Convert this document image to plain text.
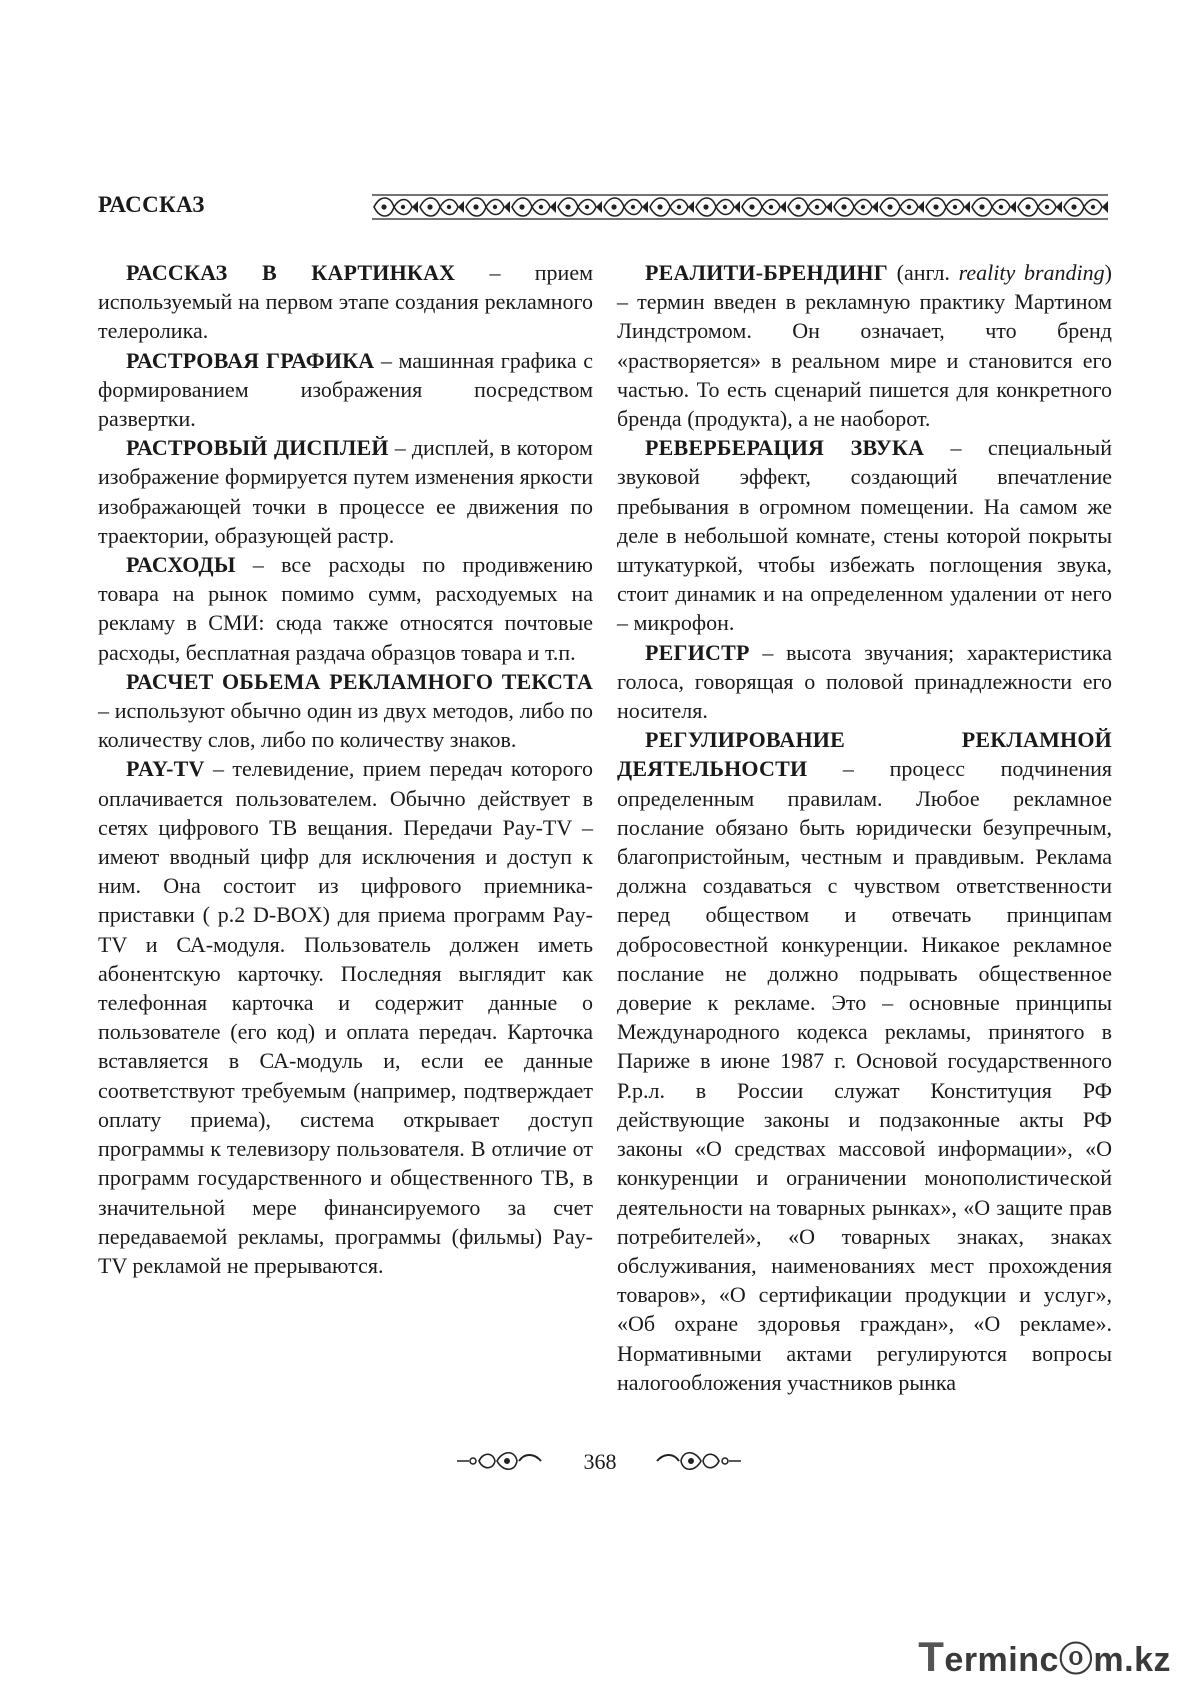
РАССКАЗ

РАССКАЗ В КАРТИНКАХ – прием используемый на первом этапе создания рекламного телеролика.

РАСТРОВАЯ ГРАФИКА – машинная графика с формированием изображения посредством развертки.

РАСТРОВЫЙ ДИСПЛЕЙ – дисплей, в котором изображение формируется путем изменения яркости изображающей точки в процессе ее движения по траектории, образующей растр.

РАСХОДЫ – все расходы по продивжению товара на рынок помимо сумм, расходуемых на рекламу в СМИ: сюда также относятся почтовые расходы, бесплатная раздача образцов товара и т.п.

РАСЧЕТ ОБЬЕМА РЕКЛАМНОГО ТЕКСТА – используют обычно один из двух методов, либо по количеству слов, либо по количеству знаков.

PAY-TV – телевидение, прием передач которого оплачивается пользователем. Обычно действует в сетях цифрового ТВ вещания. Передачи Pay-TV – имеют вводный цифр для исключения и доступ к ним. Она состоит из цифрового приемника-приставки ( р.2 D-BOX) для приема программ Pay-TV и СА-модуля. Пользователь должен иметь абонентскую карточку. Последняя выглядит как телефонная карточка и содержит данные о пользователе (его код) и оплата передач. Карточка вставляется в СА-модуль и, если ее данные соответствуют требуемым (например, подтверждает оплату приема), система открывает доступ программы к телевизору пользователя. В отличие от программ государственного и общественного ТВ, в значительной мере финансируемого за счет передаваемой рекламы, программы (фильмы) Pay-TV рекламой не прерываются.

РЕАЛИТИ-БРЕНДИНГ (англ. reality branding) – термин введен в рекламную практику Мартином Линдстромом. Он означает, что бренд «растворяется» в реальном мире и становится его частью. То есть сценарий пишется для конкретного бренда (продукта), а не наоборот.

РЕВЕРБЕРАЦИЯ ЗВУКА – специальный звуковой эффект, создающий впечатление пребывания в огромном помещении. На самом же деле в небольшой комнате, стены которой покрыты штукатуркой, чтобы избежать поглощения звука, стоит динамик и на определенном удалении от него – микрофон.

РЕГИСТР – высота звучания; характеристика голоса, говорящая о половой принадлежности его носителя.

РЕГУЛИРОВАНИЕ РЕКЛАМНОЙ ДЕЯТЕЛЬНОСТИ – процесс подчинения определенным правилам. Любое рекламное послание обязано быть юридически безупречным, благопристойным, честным и правдивым. Реклама должна создаваться с чувством ответственности перед обществом и отвечать принципам добросовестной конкуренции. Никакое рекламное послание не должно подрывать общественное доверие к рекламе. Это – основные принципы Международного кодекса рекламы, принятого в Париже в июне 1987 г. Основой государственного Р.р.л. в России служат Конституция РФ действующие законы и подзаконные акты РФ законы «О средствах массовой информации», «О конкуренции и ограничении монополистической деятельности на товарных рынках», «О защите прав потребителей», «О товарных знаках, знаках обслуживания, наименованиях мест прохождения товаров», «О сертификации продукции и услуг», «Об охране здоровья граждан», «О рекламе». Нормативными актами регулируются вопросы налогообложения участников рынка

368
Termincⓞm.kz
